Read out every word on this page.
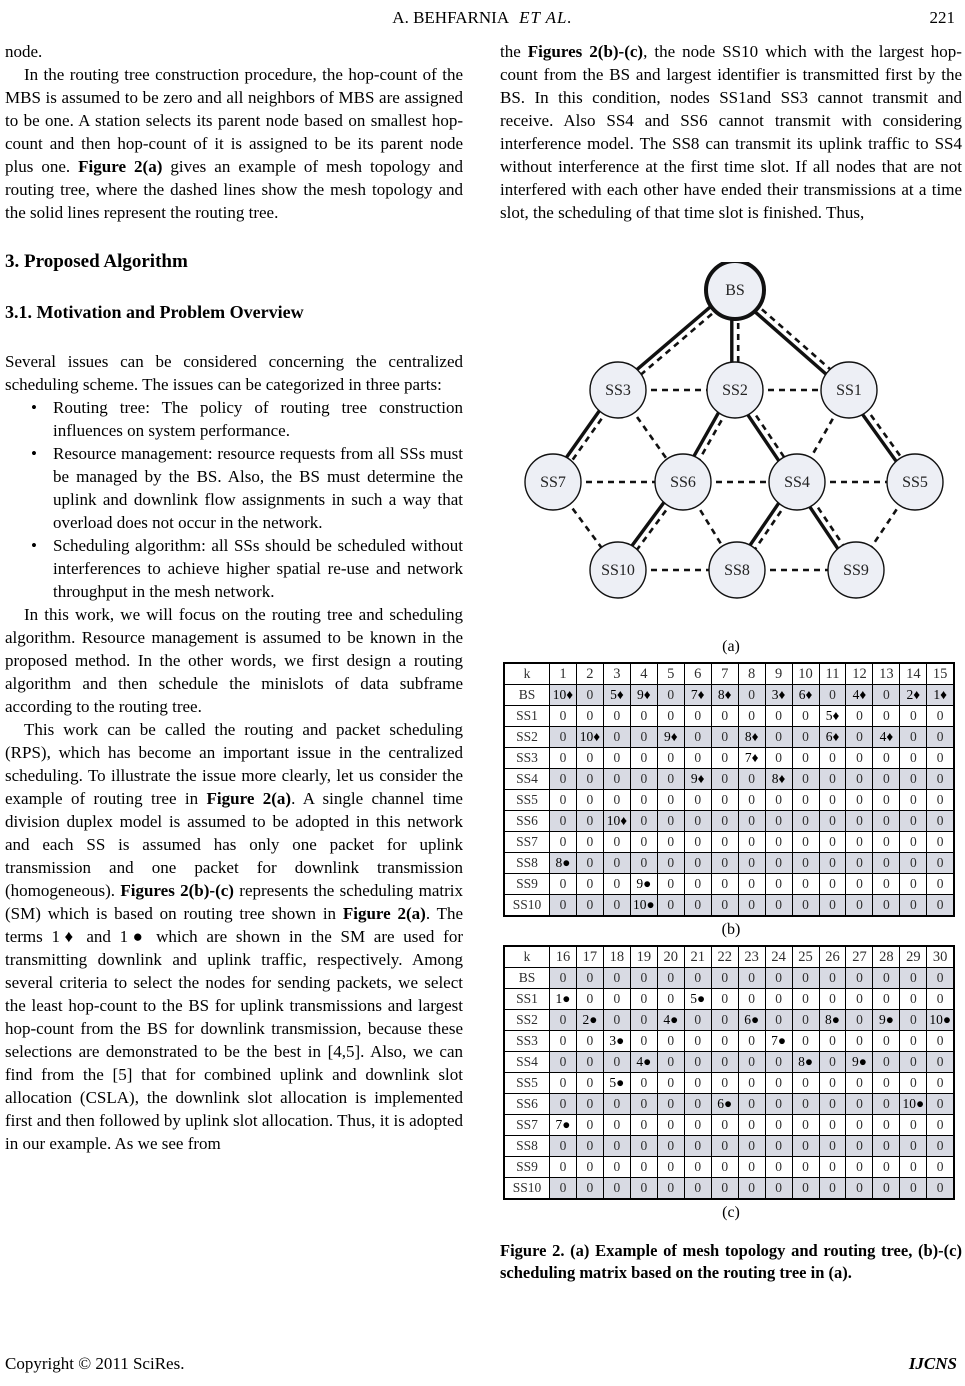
A. BEHFARNIA ET AL.	221

node.

In the routing tree construction procedure, the hop-count of the MBS is assumed to be zero and all neighbors of MBS are assigned to be one. A station selects its parent node based on smallest hop-count and then hop-count of it is assigned to be its parent node plus one. Figure 2(a) gives an example of mesh topology and routing tree, where the dashed lines show the mesh topology and the solid lines represent the routing tree.

3. Proposed Algorithm
3.1. Motivation and Problem Overview

Several issues can be considered concerning the centralized scheduling scheme. The issues can be categorized in three parts:

• Routing tree: The policy of routing tree construction influences on system performance.
• Resource management: resource requests from all SSs must be managed by the BS. Also, the BS must determine the uplink and downlink flow assignments in such a way that overload does not occur in the network.
• Scheduling algorithm: all SSs should be scheduled without interferences to achieve higher spatial re-use and network throughput in the mesh network.

In this work, we will focus on the routing tree and scheduling algorithm. Resource management is assumed to be known in the proposed method. In the other words, we first design a routing algorithm and then schedule the minislots of data subframe according to the routing tree.

This work can be called the routing and packet scheduling (RPS), which has become an important issue in the centralized scheduling. To illustrate the issue more clearly, let us consider the example of routing tree in Figure 2(a). A single channel time division duplex model is assumed to be adopted in this network and each SS is assumed has only one packet for uplink transmission and one packet for downlink transmission (homogeneous). Figures 2(b)-(c) represents the scheduling matrix (SM) which is based on routing tree shown in Figure 2(a). The terms 1♦ and 1● which are shown in the SM are used for transmitting downlink and uplink traffic, respectively. Among several criteria to select the nodes for sending packets, we select the least hop-count to the BS for uplink transmissions and largest hop-count from the BS for downlink transmission, because these selections are demonstrated to be the best in [4,5]. Also, we can find from the [5] that for combined uplink and downlink slot allocation (CSLA), the downlink slot allocation is implemented first and then followed by uplink slot allocation. Thus, it is adopted in our example. As we see from

the Figures 2(b)-(c), the node SS10 which with the largest hop-count from the BS and largest identifier is transmitted first by the BS. In this condition, nodes SS1and SS3 cannot transmit and receive. Also SS4 and SS6 cannot transmit with considering interference model. The SS8 can transmit its uplink traffic to SS4 without interference at the first time slot. If all nodes that are not interfered with each other have ended their transmissions at a time slot, the scheduling of that time slot is finished. Thus,

BS
SS3	SS2	SS1
SS7	SS6	SS4	SS5
SS10	SS8	SS9
(a)
k	1	2	3	4	5	6	7	8	9	10	11	12	13	14	15
BS	10♦	0	5♦	9♦	0	7♦	8♦	0	3♦	6♦	0	4♦	0	2♦	1♦
SS1	0	0	0	0	0	0	0	0	0	0	5♦	0	0	0	0
SS2	0	10♦	0	0	9♦	0	0	8♦	0	0	6♦	0	4♦	0	0
SS3	0	0	0	0	0	0	0	7♦	0	0	0	0	0	0	0
SS4	0	0	0	0	0	9♦	0	0	8♦	0	0	0	0	0	0
SS5	0	0	0	0	0	0	0	0	0	0	0	0	0	0	0
SS6	0	0	10♦	0	0	0	0	0	0	0	0	0	0	0	0
SS7	0	0	0	0	0	0	0	0	0	0	0	0	0	0	0
SS8	8●	0	0	0	0	0	0	0	0	0	0	0	0	0	0
SS9	0	0	0	9●	0	0	0	0	0	0	0	0	0	0	0
SS10	0	0	0	10●	0	0	0	0	0	0	0	0	0	0	0
(b)
k	16	17	18	19	20	21	22	23	24	25	26	27	28	29	30
BS	0	0	0	0	0	0	0	0	0	0	0	0	0	0	0
SS1	1●	0	0	0	0	5●	0	0	0	0	0	0	0	0	0
SS2	0	2●	0	0	4●	0	0	6●	0	0	8●	0	9●	0	10●
SS3	0	0	3●	0	0	0	0	0	7●	0	0	0	0	0	0
SS4	0	0	0	4●	0	0	0	0	0	8●	0	9●	0	0	0
SS5	0	0	5●	0	0	0	0	0	0	0	0	0	0	0	0
SS6	0	0	0	0	0	0	6●	0	0	0	0	0	0	10●	0
SS7	7●	0	0	0	0	0	0	0	0	0	0	0	0	0	0
SS8	0	0	0	0	0	0	0	0	0	0	0	0	0	0	0
SS9	0	0	0	0	0	0	0	0	0	0	0	0	0	0	0
SS10	0	0	0	0	0	0	0	0	0	0	0	0	0	0	0
(c)
Figure 2. (a) Example of mesh topology and routing tree, (b)-(c) scheduling matrix based on the routing tree in (a).
Copyright © 2011 SciRes.	IJCNS
